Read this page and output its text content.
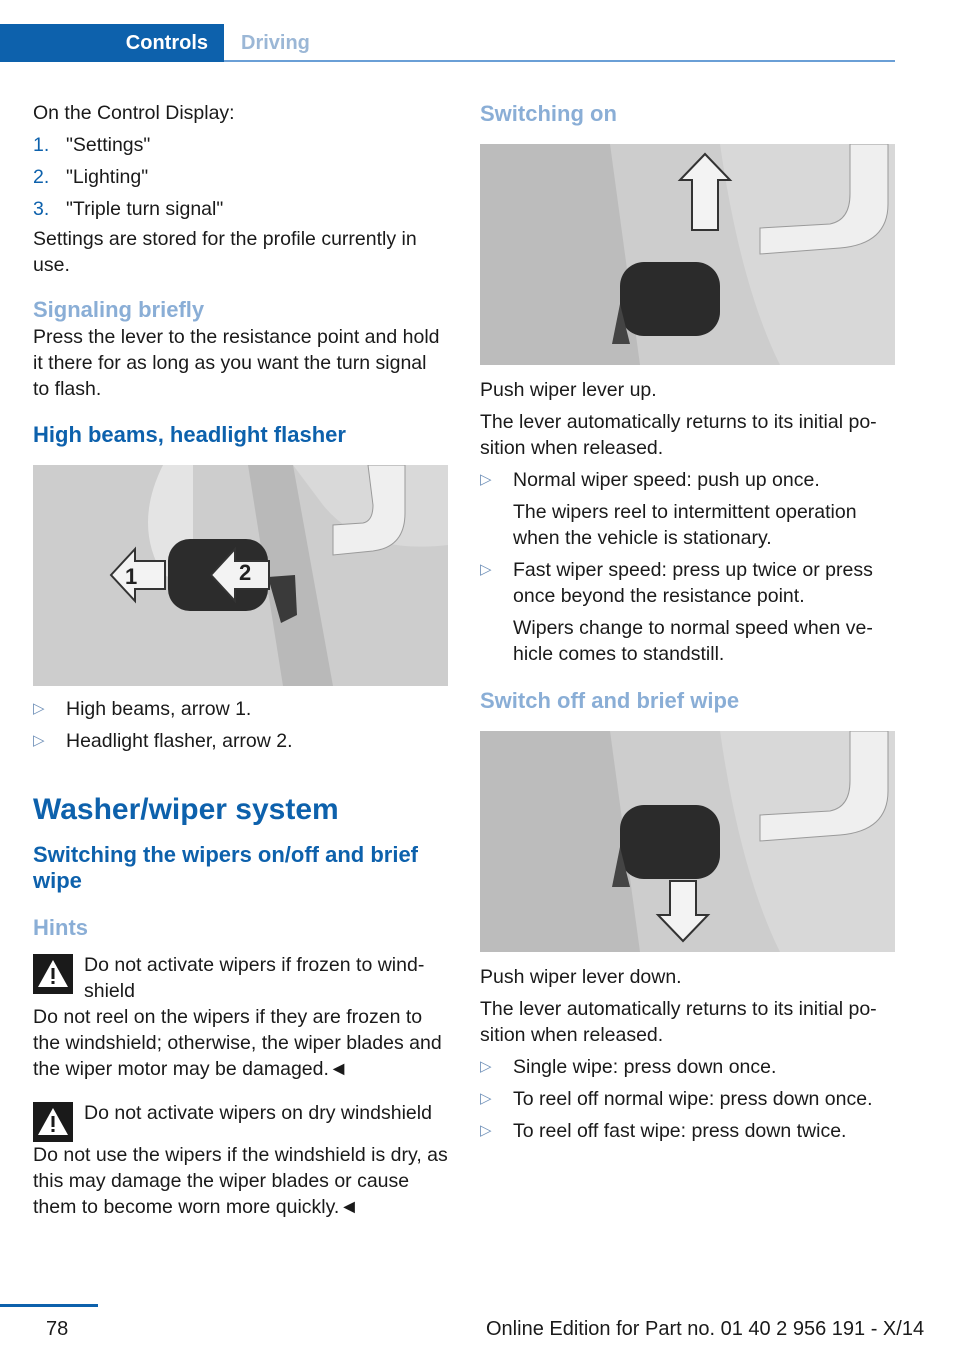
Controls	Driving

On the Control Display:

1. "Settings"
2. "Lighting"
3. "Triple turn signal"

Settings are stored for the profile currently in use.

Signaling briefly

Press the lever to the resistance point and hold it there for as long as you want the turn signal to flash.

High beams, headlight flasher
1	2
▷	High beams, arrow 1.
▷	Headlight flasher, arrow 2.
Washer/wiper system
Switching the wipers on/off and brief wipe
Hints
Do not activate wipers if frozen to wind-shield

Do not reel on the wipers if they are frozen to the windshield; otherwise, the wiper blades and the wiper motor may be damaged.◄

Do not activate wipers on dry windshield

Do not use the wipers if the windshield is dry, as this may damage the wiper blades or cause them to become worn more quickly.◄

Switching on

Push wiper lever up.

The lever automatically returns to its initial po-sition when released.

▷	Normal wiper speed: push up once.
The wipers reel to intermittent operation when the vehicle is stationary.
▷	Fast wiper speed: press up twice or press once beyond the resistance point.
Wipers change to normal speed when ve-hicle comes to standstill.
Switch off and brief wipe

Push wiper lever down.

The lever automatically returns to its initial po-sition when released.

▷	Single wipe: press down once.
▷	To reel off normal wipe: press down once.
▷	To reel off fast wipe: press down twice.
78	Online Edition for Part no. 01 40 2 956 191 - X/14
